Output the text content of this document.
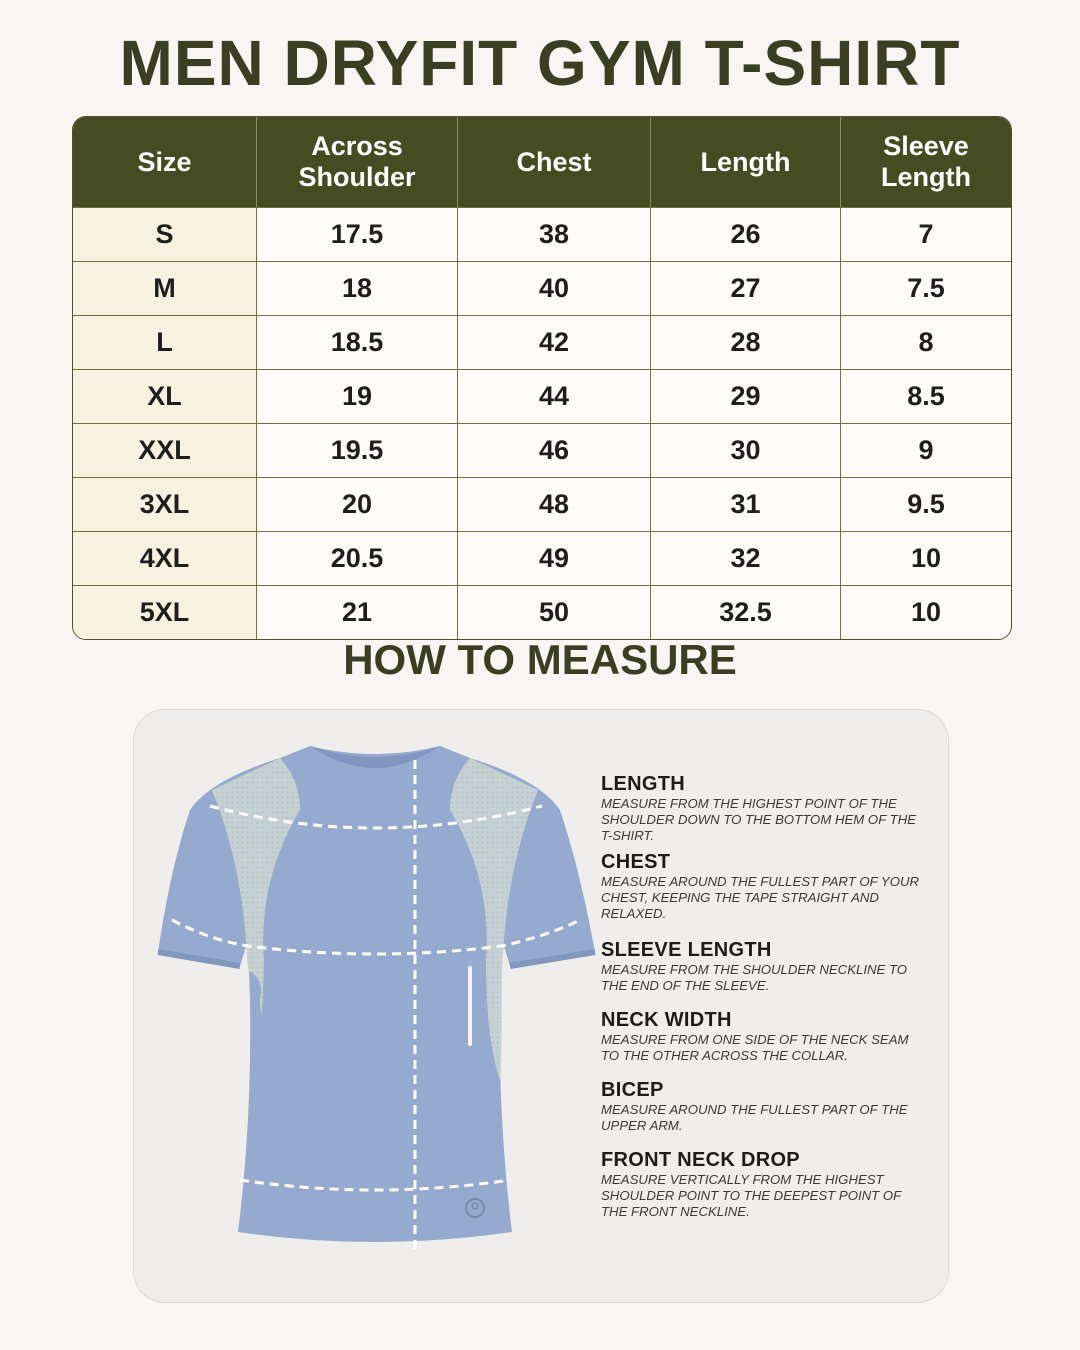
MEN DRYFIT GYM T-SHIRT
Size	Across Shoulder	Chest	Length	Sleeve Length
S	17.5	38	26	7
M	18	40	27	7.5
L	18.5	42	28	8
XL	19	44	29	8.5
XXL	19.5	46	30	9
3XL	20	48	31	9.5
4XL	20.5	49	32	10
5XL	21	50	32.5	10
HOW TO MEASURE
LENGTH
MEASURE FROM THE HIGHEST POINT OF THE SHOULDER DOWN TO THE BOTTOM HEM OF THE T-SHIRT.
CHEST
MEASURE AROUND THE FULLEST PART OF YOUR CHEST, KEEPING THE TAPE STRAIGHT AND RELAXED.
SLEEVE LENGTH
MEASURE FROM THE SHOULDER NECKLINE TO THE END OF THE SLEEVE.
NECK WIDTH
MEASURE FROM ONE SIDE OF THE NECK SEAM TO THE OTHER ACROSS THE COLLAR.
BICEP
MEASURE AROUND THE FULLEST PART OF THE UPPER ARM.
FRONT NECK DROP
MEASURE VERTICALLY FROM THE HIGHEST SHOULDER POINT TO THE DEEPEST POINT OF THE FRONT NECKLINE.
